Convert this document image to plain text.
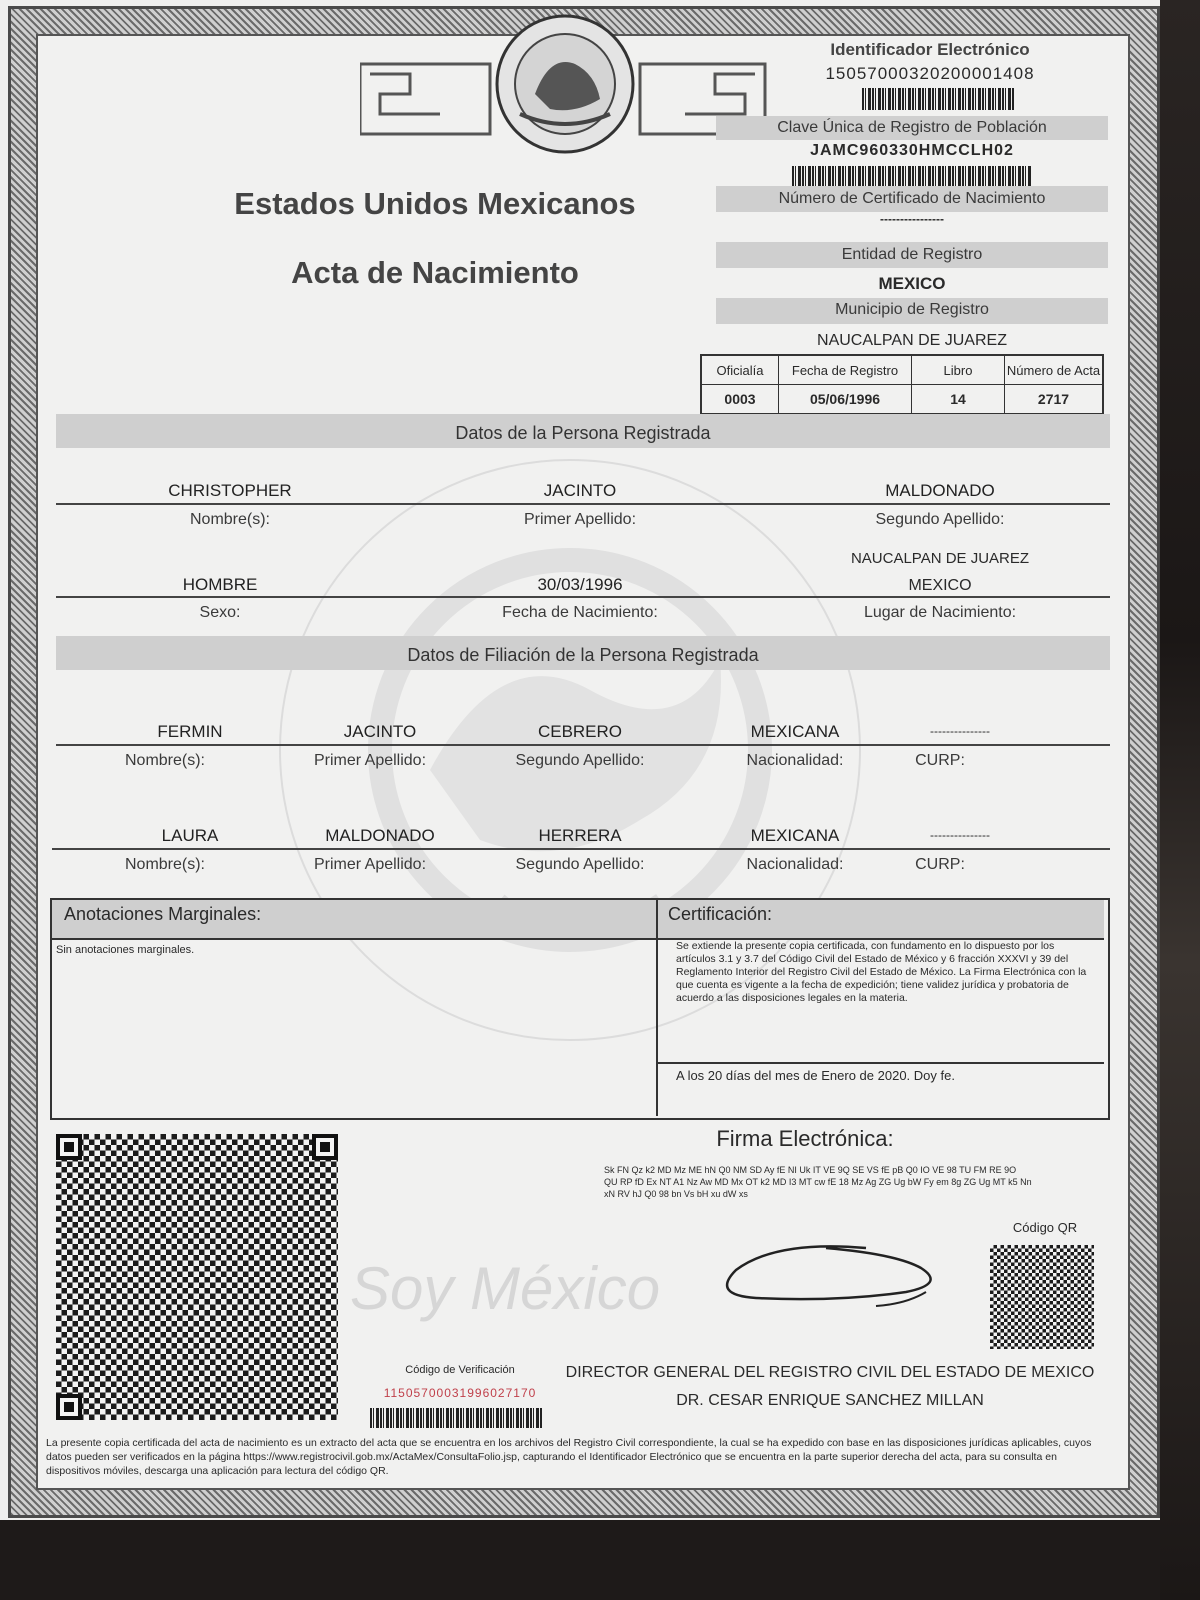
Estados Unidos Mexicanos
Acta de Nacimiento
Identificador Electrónico
15057000320200001408
Clave Única de Registro de Población
JAMC960330HMCCLH02
Número de Certificado de Nacimiento
----------------
Entidad de Registro
MEXICO
Municipio de Registro
NAUCALPAN DE JUAREZ
Oficialía	Fecha de Registro	Libro	Número de Acta
0003	05/06/1996	14	2717
Datos de la Persona Registrada
CHRISTOPHER	JACINTO	MALDONADO
Nombre(s):	Primer Apellido:	Segundo Apellido:
NAUCALPAN DE JUAREZ
HOMBRE	30/03/1996	MEXICO
Sexo:	Fecha de Nacimiento:	Lugar de Nacimiento:
Datos de Filiación de la Persona Registrada
FERMIN	JACINTO	CEBRERO	MEXICANA	---------------
Nombre(s):	Primer Apellido:	Segundo Apellido:	Nacionalidad:	CURP:
LAURA	MALDONADO	HERRERA	MEXICANA	---------------
Nombre(s):	Primer Apellido:	Segundo Apellido:	Nacionalidad:	CURP:
Anotaciones Marginales:
Sin anotaciones marginales.
Certificación:
Se extiende la presente copia certificada, con fundamento en lo dispuesto por los artículos 3.1 y 3.7 del Código Civil del Estado de México y 6 fracción XXXVI y 39 del Reglamento Interior del Registro Civil del Estado de México. La Firma Electrónica con la que cuenta es vigente a la fecha de expedición; tiene validez jurídica y probatoria de acuerdo a las disposiciones legales en la materia.
A los 20 días del mes de Enero de 2020. Doy fe.
Soy México
Firma Electrónica:
Sk FN Qz k2 MD Mz ME hN Q0 NM SD Ay fE NI Uk IT VE 9Q SE VS fE pB Q0 IO VE 98 TU FM RE 9O QU RP fD Ex NT A1 Nz Aw MD Mx OT k2 MD I3 MT cw fE 18 Mz Ag ZG Ug bW Fy em 8g ZG Ug MT k5 Nn xN RV hJ Q0 98 bn Vs bH xu dW xs
Código QR
Código de Verificación
11505700031996027170
DIRECTOR GENERAL DEL REGISTRO CIVIL DEL ESTADO DE MEXICO
DR. CESAR ENRIQUE SANCHEZ MILLAN
La presente copia certificada del acta de nacimiento es un extracto del acta que se encuentra en los archivos del Registro Civil correspondiente, la cual se ha expedido con base en las disposiciones jurídicas aplicables, cuyos datos pueden ser verificados en la página https://www.registrocivil.gob.mx/ActaMex/ConsultaFolio.jsp, capturando el Identificador Electrónico que se encuentra en la parte superior derecha del acta, para su consulta en dispositivos móviles, descarga una aplicación para lectura del código QR.
